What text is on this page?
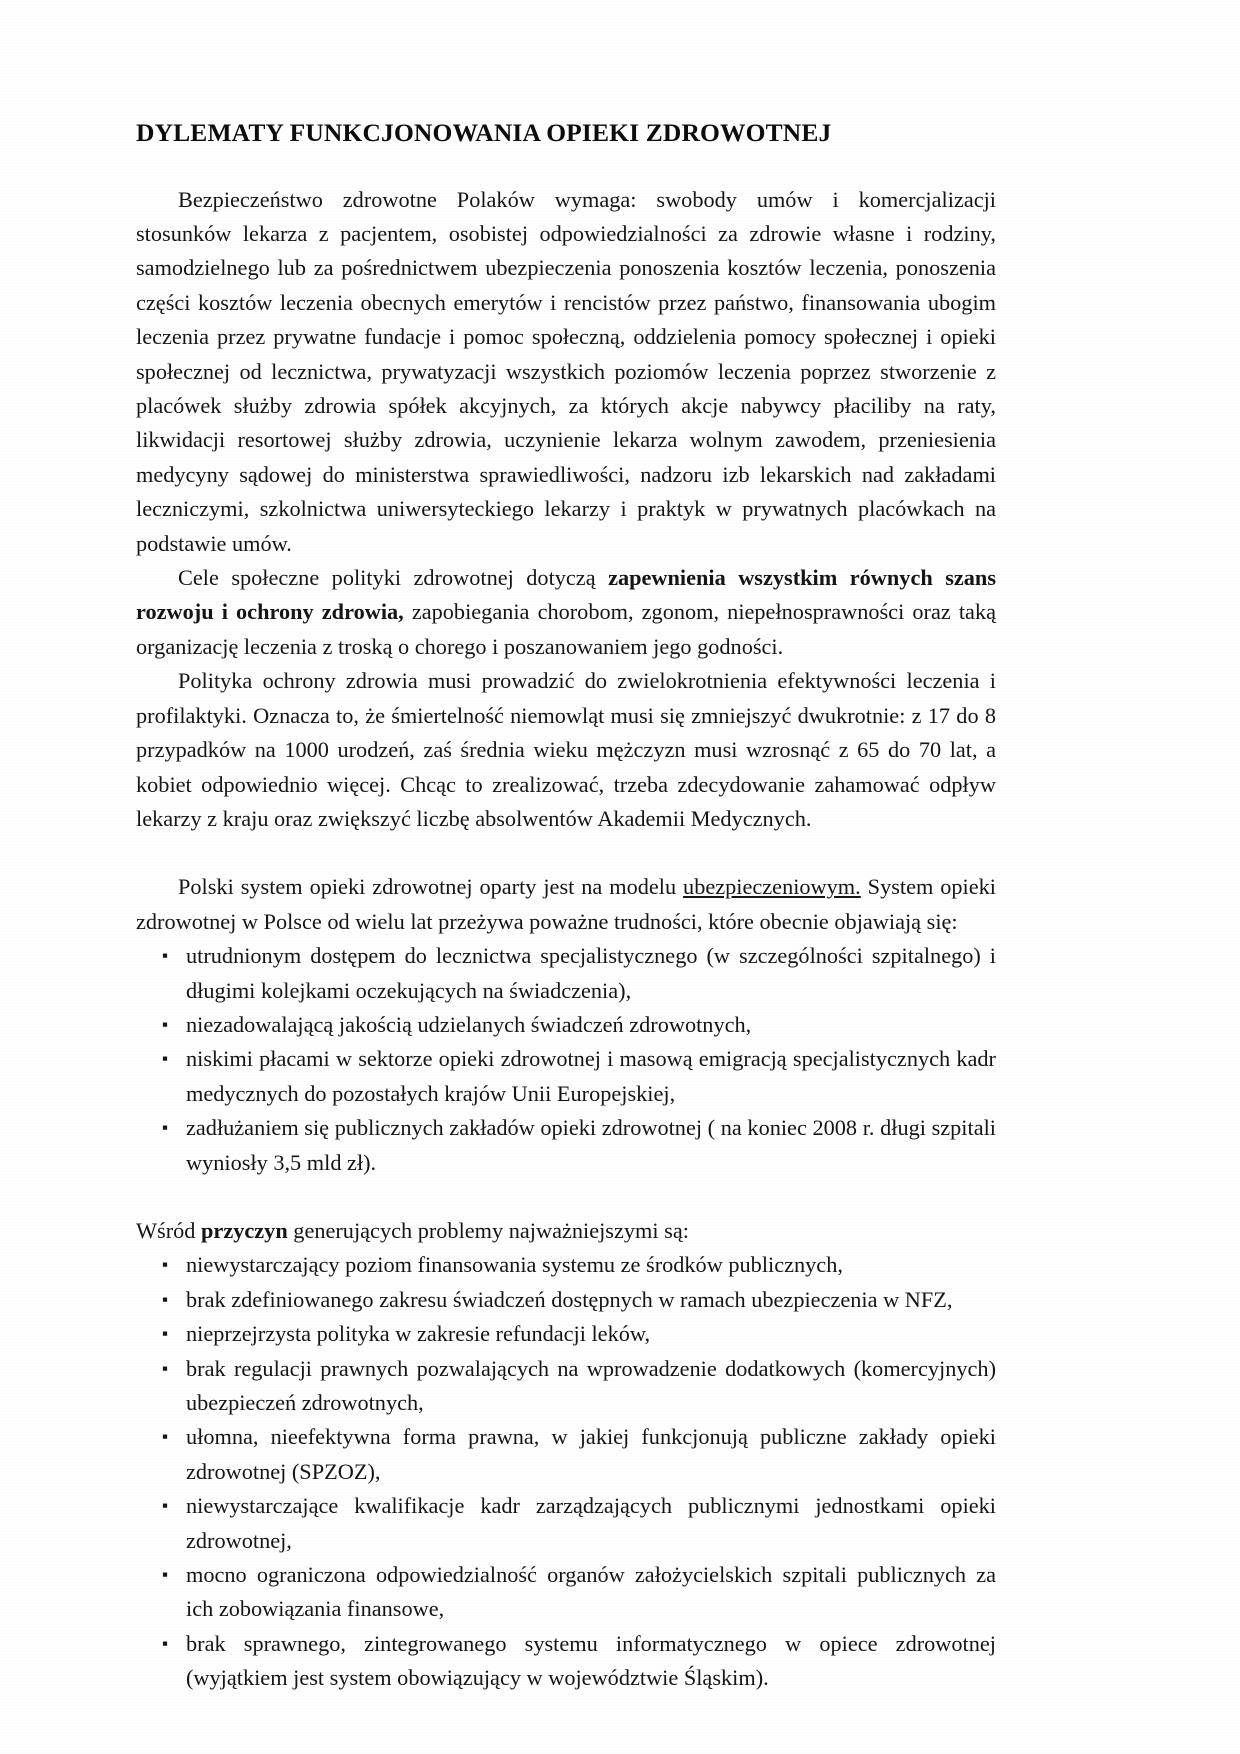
DYLEMATY FUNKCJONOWANIA OPIEKI ZDROWOTNEJ

Bezpieczeństwo zdrowotne Polaków wymaga: swobody umów i komercjalizacji stosunków lekarza z pacjentem, osobistej odpowiedzialności za zdrowie własne i rodziny, samodzielnego lub za pośrednictwem ubezpieczenia ponoszenia kosztów leczenia, ponoszenia części kosztów leczenia obecnych emerytów i rencistów przez państwo, finansowania ubogim leczenia przez prywatne fundacje i pomoc społeczną, oddzielenia pomocy społecznej i opieki społecznej od lecznictwa, prywatyzacji wszystkich poziomów leczenia poprzez stworzenie z placówek służby zdrowia spółek akcyjnych, za których akcje nabywcy płaciliby na raty, likwidacji resortowej służby zdrowia, uczynienie lekarza wolnym zawodem, przeniesienia medycyny sądowej do ministerstwa sprawiedliwości, nadzoru izb lekarskich nad zakładami leczniczymi, szkolnictwa uniwersyteckiego lekarzy i praktyk w prywatnych placówkach na podstawie umów.

Cele społeczne polityki zdrowotnej dotyczą zapewnienia wszystkim równych szans rozwoju i ochrony zdrowia, zapobiegania chorobom, zgonom, niepełnosprawności oraz taką organizację leczenia z troską o chorego i poszanowaniem jego godności.

Polityka ochrony zdrowia musi prowadzić do zwielokrotnienia efektywności leczenia i profilaktyki. Oznacza to, że śmiertelność niemowląt musi się zmniejszyć dwukrotnie: z 17 do 8 przypadków na 1000 urodzeń, zaś średnia wieku mężczyzn musi wzrosnąć z 65 do 70 lat, a kobiet odpowiednio więcej. Chcąc to zrealizować, trzeba zdecydowanie zahamować odpływ lekarzy z kraju oraz zwiększyć liczbę absolwentów Akademii Medycznych.

Polski system opieki zdrowotnej oparty jest na modelu ubezpieczeniowym. System opieki zdrowotnej w Polsce od wielu lat przeżywa poważne trudności, które obecnie objawiają się:

▪ utrudnionym dostępem do lecznictwa specjalistycznego (w szczególności szpitalnego) i długimi kolejkami oczekujących na świadczenia),
▪ niezadowalającą jakością udzielanych świadczeń zdrowotnych,
▪ niskimi płacami w sektorze opieki zdrowotnej i masową emigracją specjalistycznych kadr medycznych do pozostałych krajów Unii Europejskiej,
▪ zadłużaniem się publicznych zakładów opieki zdrowotnej ( na koniec 2008 r. długi szpitali wyniosły 3,5 mld zł).

Wśród przyczyn generujących problemy najważniejszymi są:

▪ niewystarczający poziom finansowania systemu ze środków publicznych,
▪ brak zdefiniowanego zakresu świadczeń dostępnych w ramach ubezpieczenia w NFZ,
▪ nieprzejrzysta polityka w zakresie refundacji leków,
▪ brak regulacji prawnych pozwalających na wprowadzenie dodatkowych (komercyjnych) ubezpieczeń zdrowotnych,
▪ ułomna, nieefektywna forma prawna, w jakiej funkcjonują publiczne zakłady opieki zdrowotnej (SPZOZ),
▪ niewystarczające kwalifikacje kadr zarządzających publicznymi jednostkami opieki zdrowotnej,
▪ mocno ograniczona odpowiedzialność organów założycielskich szpitali publicznych za ich zobowiązania finansowe,
▪ brak sprawnego, zintegrowanego systemu informatycznego w opiece zdrowotnej (wyjątkiem jest system obowiązujący w województwie Śląskim).
